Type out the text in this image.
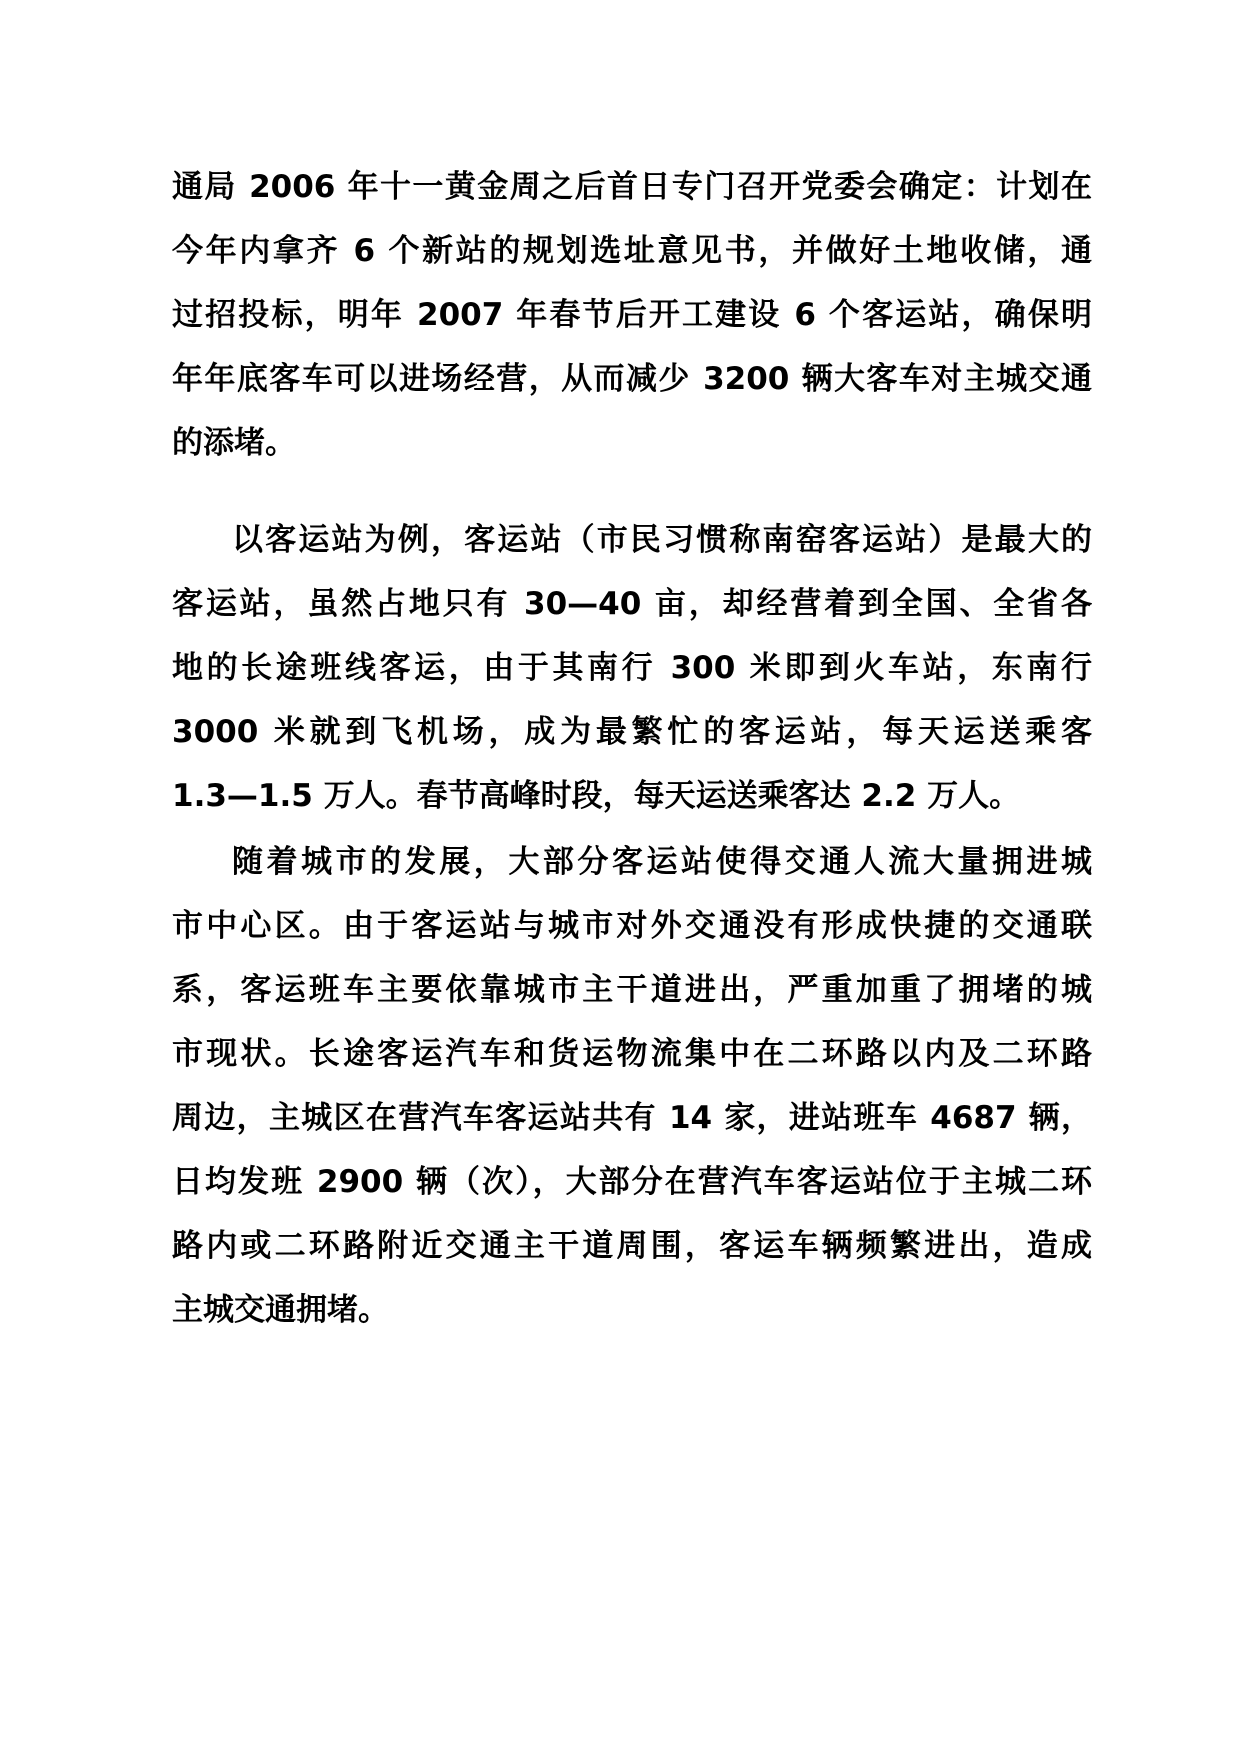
通局 2006 年十一黄金周之后首日专门召开党委会确定：计划在
今年内拿齐 6 个新站的规划选址意见书，并做好土地收储，通
过招投标，明年 2007 年春节后开工建设 6 个客运站，确保明
年年底客车可以进场经营，从而减少 3200 辆大客车对主城交通
的添堵。
以客运站为例，客运站（市民习惯称南窑客运站）是最大的
客运站，虽然占地只有 30—40 亩，却经营着到全国、全省各
地的长途班线客运，由于其南行 300 米即到火车站，东南行
3000 米就到飞机场，成为最繁忙的客运站，每天运送乘客
1.3—1.5 万人。春节高峰时段，每天运送乘客达 2.2 万人。
随着城市的发展，大部分客运站使得交通人流大量拥进城
市中心区。由于客运站与城市对外交通没有形成快捷的交通联
系，客运班车主要依靠城市主干道进出，严重加重了拥堵的城
市现状。长途客运汽车和货运物流集中在二环路以内及二环路
周边，主城区在营汽车客运站共有 14 家，进站班车 4687 辆，
日均发班 2900 辆（次），大部分在营汽车客运站位于主城二环
路内或二环路附近交通主干道周围，客运车辆频繁进出，造成
主城交通拥堵。
